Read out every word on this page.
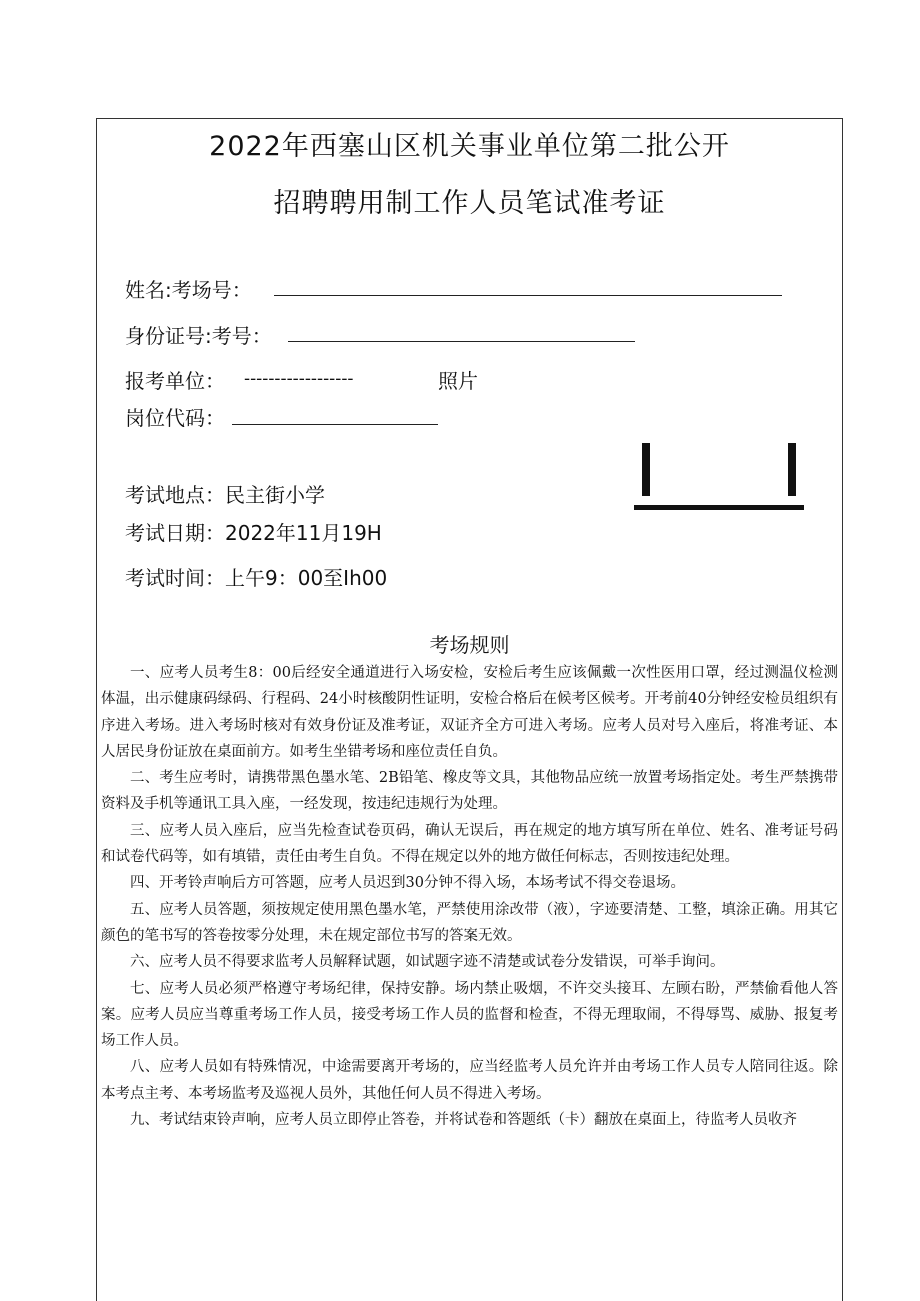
2022年西塞山区机关事业单位第二批公开
招聘聘用制工作人员笔试准考证
姓名:考场号：
身份证号:考号：
报考单位： ------------------	照片
岗位代码：
考试地点：民主街小学
考试日期：2022年11月19H
考试时间：上午9：00至Ih00
考场规则

一、应考人员考生8：00后经安全通道进行入场安检，安检后考生应该佩戴一次性医用口罩，经过测温仪检测体温，出示健康码绿码、行程码、24小时核酸阴性证明，安检合格后在候考区候考。开考前40分钟经安检员组织有序进入考场。进入考场时核对有效身份证及准考证，双证齐全方可进入考场。应考人员对号入座后，将准考证、本人居民身份证放在桌面前方。如考生坐错考场和座位责任自负。

二、考生应考时，请携带黑色墨水笔、2B铅笔、橡皮等文具，其他物品应统一放置考场指定处。考生严禁携带资料及手机等通讯工具入座，一经发现，按违纪违规行为处理。

三、应考人员入座后，应当先检查试卷页码，确认无误后，再在规定的地方填写所在单位、姓名、准考证号码和试卷代码等，如有填错，责任由考生自负。不得在规定以外的地方做任何标志，否则按违纪处理。

四、开考铃声响后方可答题，应考人员迟到30分钟不得入场，本场考试不得交卷退场。

五、应考人员答题，须按规定使用黑色墨水笔，严禁使用涂改带（液），字迹要清楚、工整，填涂正确。用其它颜色的笔书写的答卷按零分处理，未在规定部位书写的答案无效。

六、应考人员不得要求监考人员解释试题，如试题字迹不清楚或试卷分发错误，可举手询问。

七、应考人员必须严格遵守考场纪律，保持安静。场内禁止吸烟，不许交头接耳、左顾右盼，严禁偷看他人答案。应考人员应当尊重考场工作人员，接受考场工作人员的监督和检查，不得无理取闹，不得辱骂、威胁、报复考场工作人员。

八、应考人员如有特殊情况，中途需要离开考场的，应当经监考人员允许并由考场工作人员专人陪同往返。除本考点主考、本考场监考及巡视人员外，其他任何人员不得进入考场。

九、考试结束铃声响，应考人员立即停止答卷，并将试卷和答题纸（卡）翻放在桌面上，待监考人员收齐
